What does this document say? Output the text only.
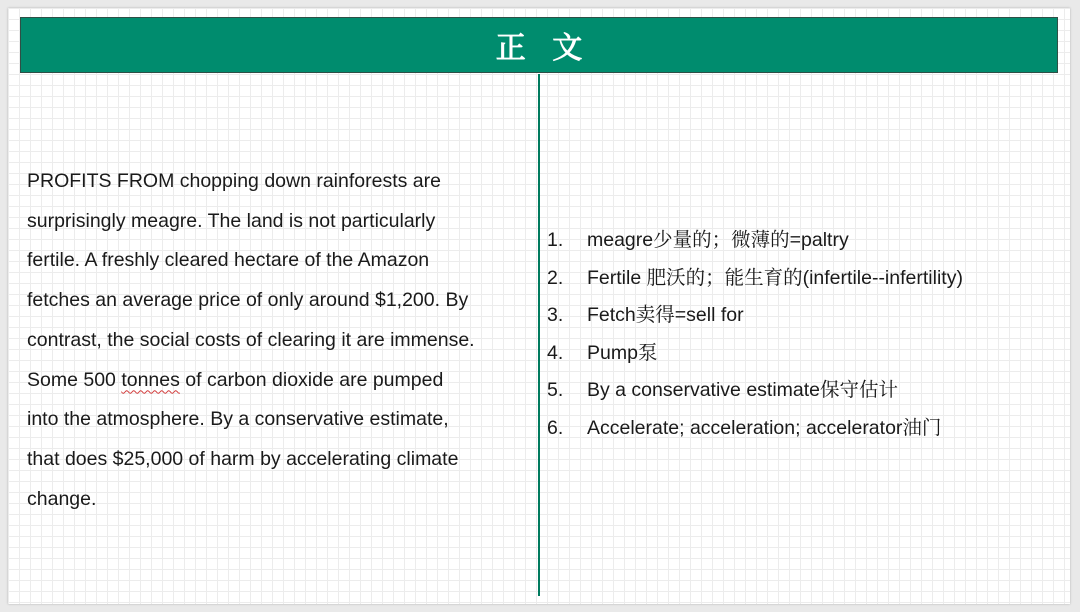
正 文
PROFITS FROM chopping down rainforests are
surprisingly meagre. The land is not particularly
fertile. A freshly cleared hectare of the Amazon
fetches an average price of only around $1,200. By
contrast, the social costs of clearing it are immense.
Some 500 tonnes of carbon dioxide are pumped
into the atmosphere. By a conservative estimate,
that does $25,000 of harm by accelerating climate
change.
1. meagre少量的；微薄的=paltry
2. Fertile 肥沃的；能生育的(infertile--infertility)
3. Fetch卖得=sell for
4. Pump泵
5. By a conservative estimate保守估计
6. Accelerate; acceleration; accelerator油门
